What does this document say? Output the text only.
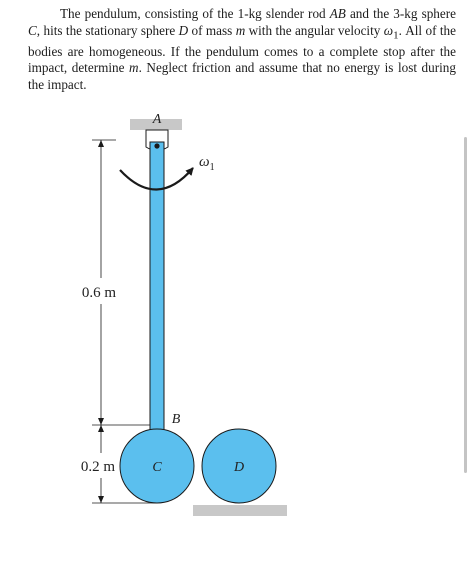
The pendulum, consisting of the 1-kg slender rod AB and the 3-kg sphere C, hits the stationary sphere D of mass m with the angular velocity $\omega_1$. All of the bodies are homogeneous. If the pendulum comes to a complete stop after the impact, determine m. Neglect friction and assume that no energy is lost during the impact.

A
B
C	D
$\omega_1$
0.6 m
0.2 m
